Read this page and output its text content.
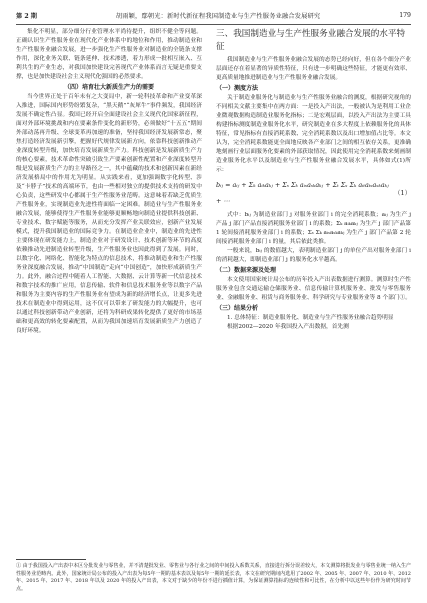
第 2 期	胡雨颖，鄢朝光：新时代新征程我国制造业与生产性服务业融合发展研究	179

集化不明显，部分细分行业管理水平尚待提升，组织不健全等问题。正确认识生产性服务业在现代化产业体系中的地位和作用，推动制造业和生产性服务业融合发展，进一步强化生产性服务业对制造业的全链条支撑作用，深化业务关联、链条延伸、技术渗透，着力形成一批相互嵌入、互利共生的产业生态，对我国加快建设完善现代产业体系而言无疑是重要支撑，也是加快建设社会主义现代化强国的必然要求。

（四）培育壮大新质生产力的需要

当今世界正处于百年未有之大变局中，新一轮科技革命和产业变革深入推进，国际国内形势纷繁复杂，“黑天鹅”“灰犀牛”事件频发，我国经济发展不确定性凸显。我国已经开启全面建设社会主义现代化国家新征程，面对外部环境挑战和内在要素条件变化的新形势，必须做好“十五五”期间外部动荡再升级、全球变革再加速的准备，坚持我国经济发展新常态，聚焦打造经济发展新引擎，把握好代规律发展新方向，依靠科技创新推动产业深度转型升级，加快培育发展新质生产力。科技创新是发展新质生产力的核心要素，技术革命性突破引致生产要素创新性配置和产业深度转型升级是发展新质生产力的主导路径之一，其中蕴藏的技术和创新因素在新经济发展格局中的作用尤为明显。从实践来看，更加强调数字化转型、涉及“卡脖子”技术的高端环节，也由一些相对独立的提供技术支持的研发中心负责，这些研发中心都属于生产性服务业范畴。这意味着若缺乏优质生产性服务业，实现制造业先进性将面临一定困难。制造业与生产性服务业融合发展，能够使得生产性服务业能够更顺畅地向制造业提供科技创新、专业技术、数字赋能等服务，从而充分发挥产业关联效应，创新产业发展模式，提升我国制造业的国际竞争力。在制造业企业中，制造业的先进性主要体现在研发能力上，制造企业对于研发设计、技术创新等环节的高度依赖推动先进制造业转型升级，生产性服务业也因此得到了发展。同时，以数字化、网络化、智能化为特点的信息技术，将推动制造业和生产性服务业深度融合发展，推动“中国制造”走向“中国创造”，加快形成新质生产力。此外，融合过程中随着人工智能、大数据、云计算等新一代信息技术和数字技术的推广应用，信息传输、软件和信息技术服务业等以数字产品和服务为主要内容的生产性服务业有望成为新的经济增长点，让更多先进技术在制造业中得到运用，这不仅可以带来了研发能力的大幅提升，也可以通过科技创新带动产业创新，还将为科研成果转化提供了更好的市场基础和更高效的转化要素配置，从而为我国加速培育发展新质生产力创造了良好环境。

三、我国制造业与生产性服务业融合发展的水平特征

我国制造业与生产性服务业融合发展的态势已经向好，但在各个细分产业层面还存在着显著的异质性特征，只有进一步明确这些特征，才能更有效率、更高质量地推进制造业与生产性服务业融合发展。

（一）测度方法

关于制造业服务化与制造业与生产性服务业融合的测度，根据研究视角的不同相关文献主要集中在两方面：一是投入产出法，一般被认为是利用工业企业微观数据构造制造业服务化指标；二是宏观层面，以投入产出法为主要工具构建指标测度制造业服务化水平，研究制造业在多大程度上依赖服务化的具体特征，常见指标有直接消耗系数、完全消耗系数以及出口增加值占比等。本文认为，完全消耗系数能更全面地反映各产业部门之间的相互依存关系，更准确地刻画行业层面服务化要素的外部获取情况，因此使用完全消耗系数来刻画制造业服务化水平以及制造业与生产性服务业融合发展水平，具体如式(1)所示：

bᵢⱼ = aᵢⱼ + Σₖ aᵢₖaₖⱼ + Σₛ Σₖ aᵢₛaₛₖaₖⱼ + Σₜ Σₛ Σₖ aᵢₜaₜₛaₛₖaₖⱼ + ⋯
（1）

式中：bᵢⱼ 为制造业部门 j 对服务业部门 i 的完全消耗系数；aᵢⱼ 为生产 j 产品 j 部门产品直接消耗服务业部门 i 的系数；Σₖ aᵢₖaₖⱼ 为生产 j 部门产品第 1 轮间接消耗服务业部门 i 的系数；Σₛ Σₖ aᵢₛaₛₖaₖⱼ 为生产 j 部门产品第 2 轮间接消耗服务业部门 i 的量，其后依此类推。

一般来说，bᵢⱼ 的数值越大，表明制造业部门 j 的单位产出对服务业部门 i 的消耗越大，即制造业部门 j 的服务化水平越高。

（二）数据来源及处理

本文使用国家统计局公布的历年投入产出表数据进行测算。测算时生产性服务业包含交通运输仓储服务业、信息传输计算机服务业、批发与零售服务业、金融服务业、租赁与商务服务业、科学研究与专业服务业等 8 个部门①。

（三）结果分析

1. 总体特征：制造业服务化、制造业与生产性服务业融合趋势明显

根据2002—2020 年我国投入产出数据，首先测

① 由于我国投入产出表中本区分批发业与零售业，并不清楚批发业、零售业与各行业之间的中间投入系数关系，直接进行拆分误差较大，本文测算将批发业与零售业统一纳入生产性服务业范畴内。此外，国家统计局公布的投入产出表为每5年一期的基本表以及每5年一期的延长表，本文在研究期间内选用了2002 年、2005 年、2007 年、2010 年、2012 年、2015 年、2017 年、2018 年以及 2020 年的投入产出表，本文对于缺少的年份不进行插值计算，为保证测算指标的连续性和可比性，在分析中以这些年份作为研究时间节点。
